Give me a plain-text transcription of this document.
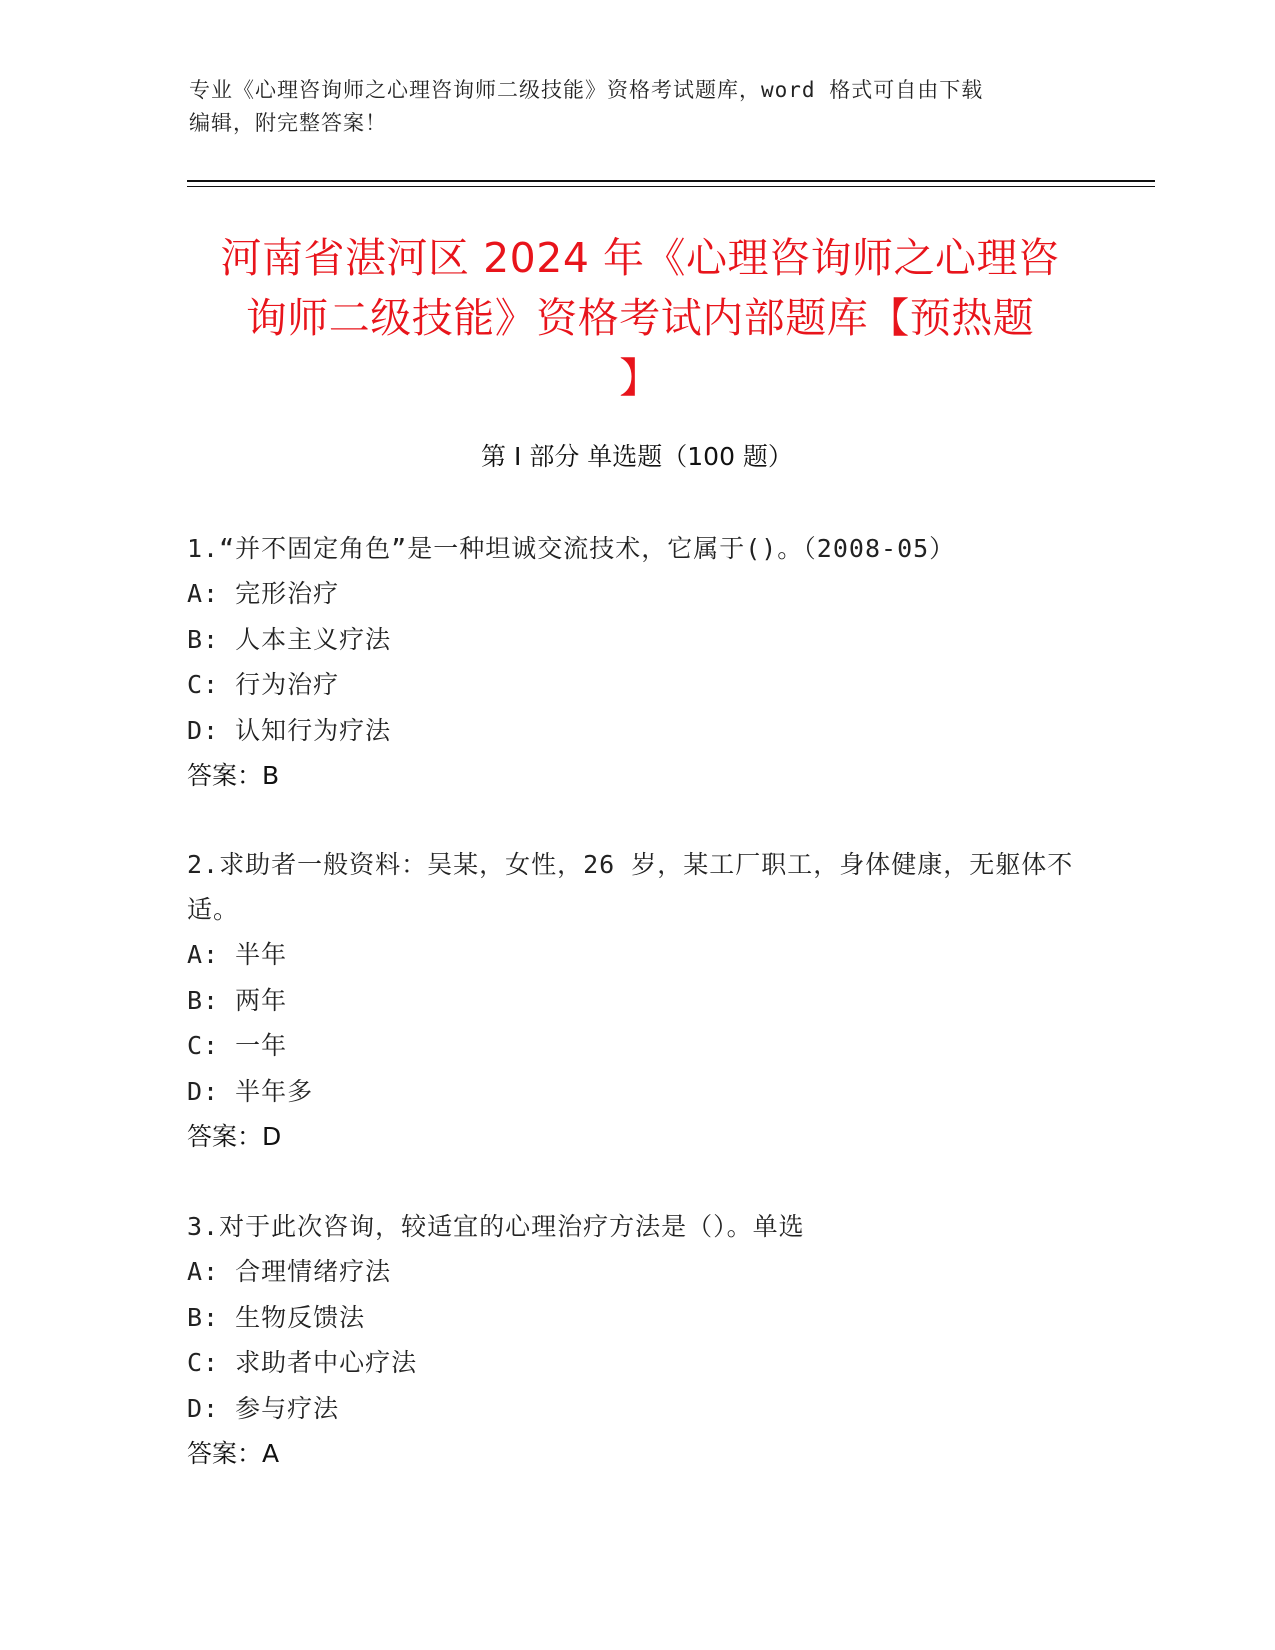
专业《心理咨询师之心理咨询师二级技能》资格考试题库，word 格式可自由下载
编辑，附完整答案！
河南省湛河区 2024 年《心理咨询师之心理咨
询师二级技能》资格考试内部题库【预热题
】
第 I 部分 单选题（100 题）
1.“并不固定角色”是一种坦诚交流技术，它属于()。（2008-05）
A: 完形治疗
B: 人本主义疗法
C: 行为治疗
D: 认知行为疗法
答案：B
2.求助者一般资料：吴某，女性，26 岁，某工厂职工，身体健康，无躯体不适。
A: 半年
B: 两年
C: 一年
D: 半年多
答案：D
3.对于此次咨询，较适宜的心理治疗方法是（）。单选
A: 合理情绪疗法
B: 生物反馈法
C: 求助者中心疗法
D: 参与疗法
答案：A
